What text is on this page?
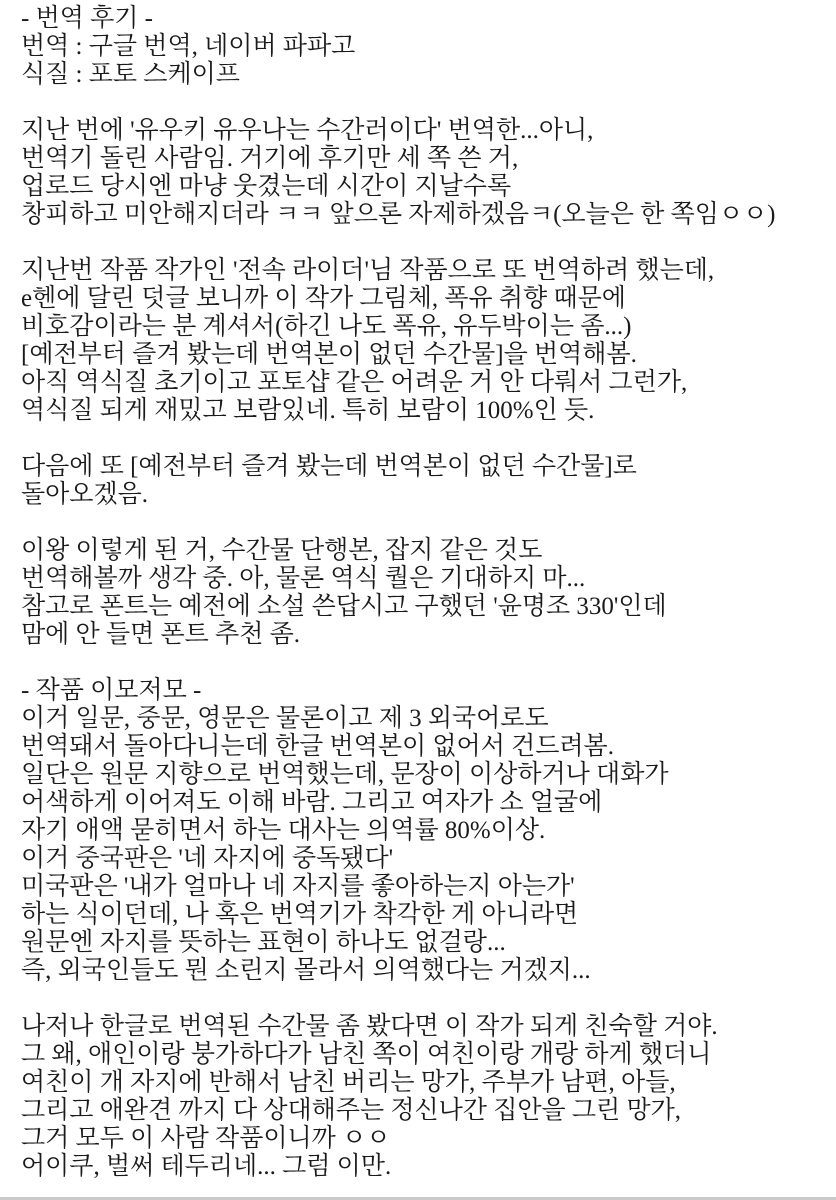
- 번역 후기 -
번역 : 구글 번역, 네이버 파파고
식질 : 포토 스케이프
지난 번에 '유우키 유우나는 수간러이다' 번역한...아니,
번역기 돌린 사람임. 거기에 후기만 세 쪽 쓴 거,
업로드 당시엔 마냥 웃겼는데 시간이 지날수록
창피하고 미안해지더라 ㅋㅋ 앞으론 자제하겠음ㅋ(오늘은 한 쪽임ㅇㅇ)
지난번 작품 작가인 '전속 라이더'님 작품으로 또 번역하려 했는데,
e헨에 달린 덧글 보니까 이 작가 그림체, 폭유 취향 때문에
비호감이라는 분 계셔서(하긴 나도 폭유, 유두박이는 좀...)
[예전부터 즐겨 봤는데 번역본이 없던 수간물]을 번역해봄.
아직 역식질 초기이고 포토샵 같은 어려운 거 안 다뤄서 그런가,
역식질 되게 재밌고 보람있네. 특히 보람이 100%인 듯.
다음에 또 [예전부터 즐겨 봤는데 번역본이 없던 수간물]로
돌아오겠음.
이왕 이렇게 된 거, 수간물 단행본, 잡지 같은 것도
번역해볼까 생각 중. 아, 물론 역식 퀄은 기대하지 마...
참고로 폰트는 예전에 소설 쓴답시고 구했던 '윤명조 330'인데
맘에 안 들면 폰트 추천 좀.
- 작품 이모저모 -
이거 일문, 중문, 영문은 물론이고 제 3 외국어로도
번역돼서 돌아다니는데 한글 번역본이 없어서 건드려봄.
일단은 원문 지향으로 번역했는데, 문장이 이상하거나 대화가
어색하게 이어져도 이해 바람. 그리고 여자가 소 얼굴에
자기 애액 묻히면서 하는 대사는 의역률 80%이상.
이거 중국판은 '네 자지에 중독됐다'
미국판은 '내가 얼마나 네 자지를 좋아하는지 아는가'
하는 식이던데, 나 혹은 번역기가 착각한 게 아니라면
원문엔 자지를 뜻하는 표현이 하나도 없걸랑...
즉, 외국인들도 뭔 소린지 몰라서 의역했다는 거겠지...
나저나 한글로 번역된 수간물 좀 봤다면 이 작가 되게 친숙할 거야.
그 왜, 애인이랑 붕가하다가 남친 쪽이 여친이랑 개랑 하게 했더니
여친이 개 자지에 반해서 남친 버리는 망가, 주부가 남편, 아들,
그리고 애완견 까지 다 상대해주는 정신나간 집안을 그린 망가,
그거 모두 이 사람 작품이니까 ㅇㅇ
어이쿠, 벌써 테두리네... 그럼 이만.
